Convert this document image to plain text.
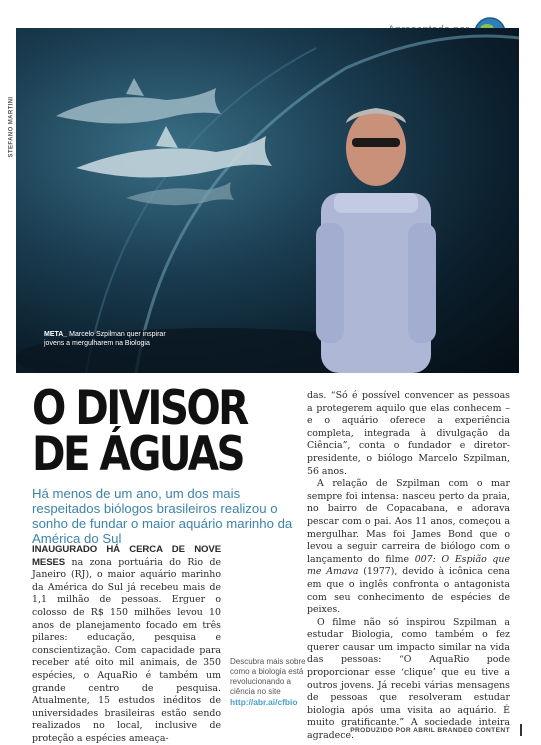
META_ Marcelo Szpilman quer inspirar jovens a mergulharem na Biologia
STEFANO MARTINI
O DIVISOR
DE ÁGUAS

Há menos de um ano, um dos mais respeitados biólogos brasileiros realizou o sonho de fundar o maior aquário marinho da América do Sul

INAUGURADO HÁ CERCA DE NOVE MESES na zona portuária do Rio de Janeiro (RJ), o maior aquário marinho da América do Sul já recebeu mais de 1,1 milhão de pessoas. Erguer o colosso de R$ 150 milhões levou 10 anos de planejamento focado em três pilares: educação, pesquisa e conscientização. Com capacidade para receber até oito mil animais, de 350 espécies, o AquaRio é também um grande centro de pesquisa. Atualmente, 15 estudos inéditos de universidades brasileiras estão sendo realizados no local, inclusive de proteção a espécies ameaça-

Descubra mais sobre como a biologia está revolucionando a ciência no site
http://abr.ai/cfbio

das. “Só é possível convencer as pessoas a protegerem aquilo que elas conhecem – e o aquário oferece a experiência completa, integrada à divulgação da Ciência”, conta o fundador e diretor-presidente, o biólogo Marcelo Szpilman, 56 anos.

A relação de Szpilman com o mar sempre foi intensa: nasceu perto da praia, no bairro de Copacabana, e adorava pescar com o pai. Aos 11 anos, começou a mergulhar. Mas foi James Bond que o levou a seguir carreira de biólogo com o lançamento do filme 007: O Espião que me Amava (1977), devido à icônica cena em que o inglês confronta o antagonista com seu conhecimento de espécies de peixes.

O filme não só inspirou Szpilman a estudar Biologia, como também o fez querer causar um impacto similar na vida das pessoas: “O AquaRio pode proporcionar esse ‘clique’ que eu tive a outros jovens. Já recebi várias mensagens de pessoas que resolveram estudar biologia após uma visita ao aquário. É muito gratificante.” A sociedade inteira agradece.

PRODUZIDO POR ABRIL BRANDED CONTENT
